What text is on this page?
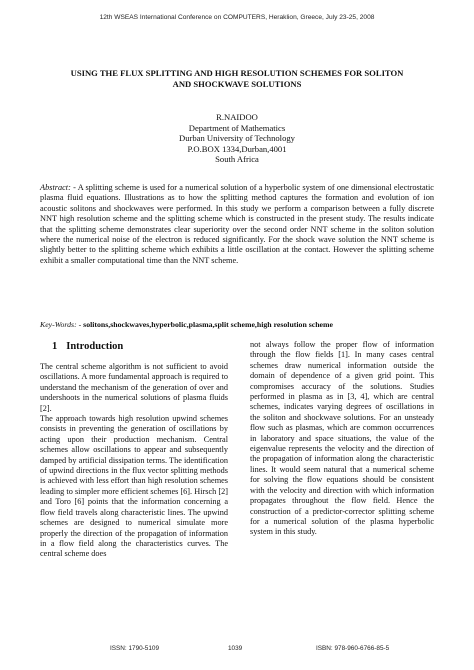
12th WSEAS International Conference on COMPUTERS, Heraklion, Greece, July 23-25, 2008
USING THE FLUX SPLITTING AND HIGH RESOLUTION SCHEMES FOR SOLITON
AND SHOCKWAVE SOLUTIONS
R.NAIDOO
Department of Mathematics
Durban University of Technology
P.O.BOX 1334,Durban,4001
South Africa
Abstract: - A splitting scheme is used for a numerical solution of a hyperbolic system of one dimensional electrostatic plasma fluid equations. Illustrations as to how the splitting method captures the formation and evolution of ion acoustic solitons and shockwaves were performed. In this study we perform a comparison between a fully discrete NNT high resolution scheme and the splitting scheme which is constructed in the present study. The results indicate that the splitting scheme demonstrates clear superiority over the second order NNT scheme in the soliton solution where the numerical noise of the electron is reduced significantly. For the shock wave solution the NNT scheme is slightly better to the splitting scheme which exhibits a little oscillation at the contact. However the splitting scheme exhibit a smaller computational time than the NNT scheme.
Key-Words: - solitons,shockwaves,hyperbolic,plasma,split scheme,high resolution scheme
1 Introduction

The central scheme algorithm is not sufficient to avoid oscillations. A more fundamental approach is required to understand the mechanism of the generation of over and undershoots in the numerical solutions of plasma fluids [2].

The approach towards high resolution upwind schemes consists in preventing the generation of oscillations by acting upon their production mechanism. Central schemes allow oscillations to appear and subsequently damped by artificial dissipation terms. The identification of upwind directions in the flux vector splitting methods is achieved with less effort than high resolution schemes leading to simpler more efficient schemes [6]. Hirsch [2] and Toro [6] points that the information concerning a flow field travels along characteristic lines. The upwind schemes are designed to numerical simulate more properly the direction of the propagation of information in a flow field along the characteristics curves. The central scheme does

not always follow the proper flow of information through the flow fields [1]. In many cases central schemes draw numerical information outside the domain of dependence of a given grid point. This compromises accuracy of the solutions. Studies performed in plasma as in [3, 4], which are central schemes, indicates varying degrees of oscillations in the soliton and shockwave solutions. For an unsteady flow such as plasmas, which are common occurrences in laboratory and space situations, the value of the eigenvalue represents the velocity and the direction of the propagation of information along the characteristic lines. It would seem natural that a numerical scheme for solving the flow equations should be consistent with the velocity and direction with which information propagates throughout the flow field. Hence the construction of a predictor-corrector splitting scheme for a numerical solution of the plasma hyperbolic system in this study.

ISSN: 1790-5109	1039	ISBN: 978-960-6766-85-5
